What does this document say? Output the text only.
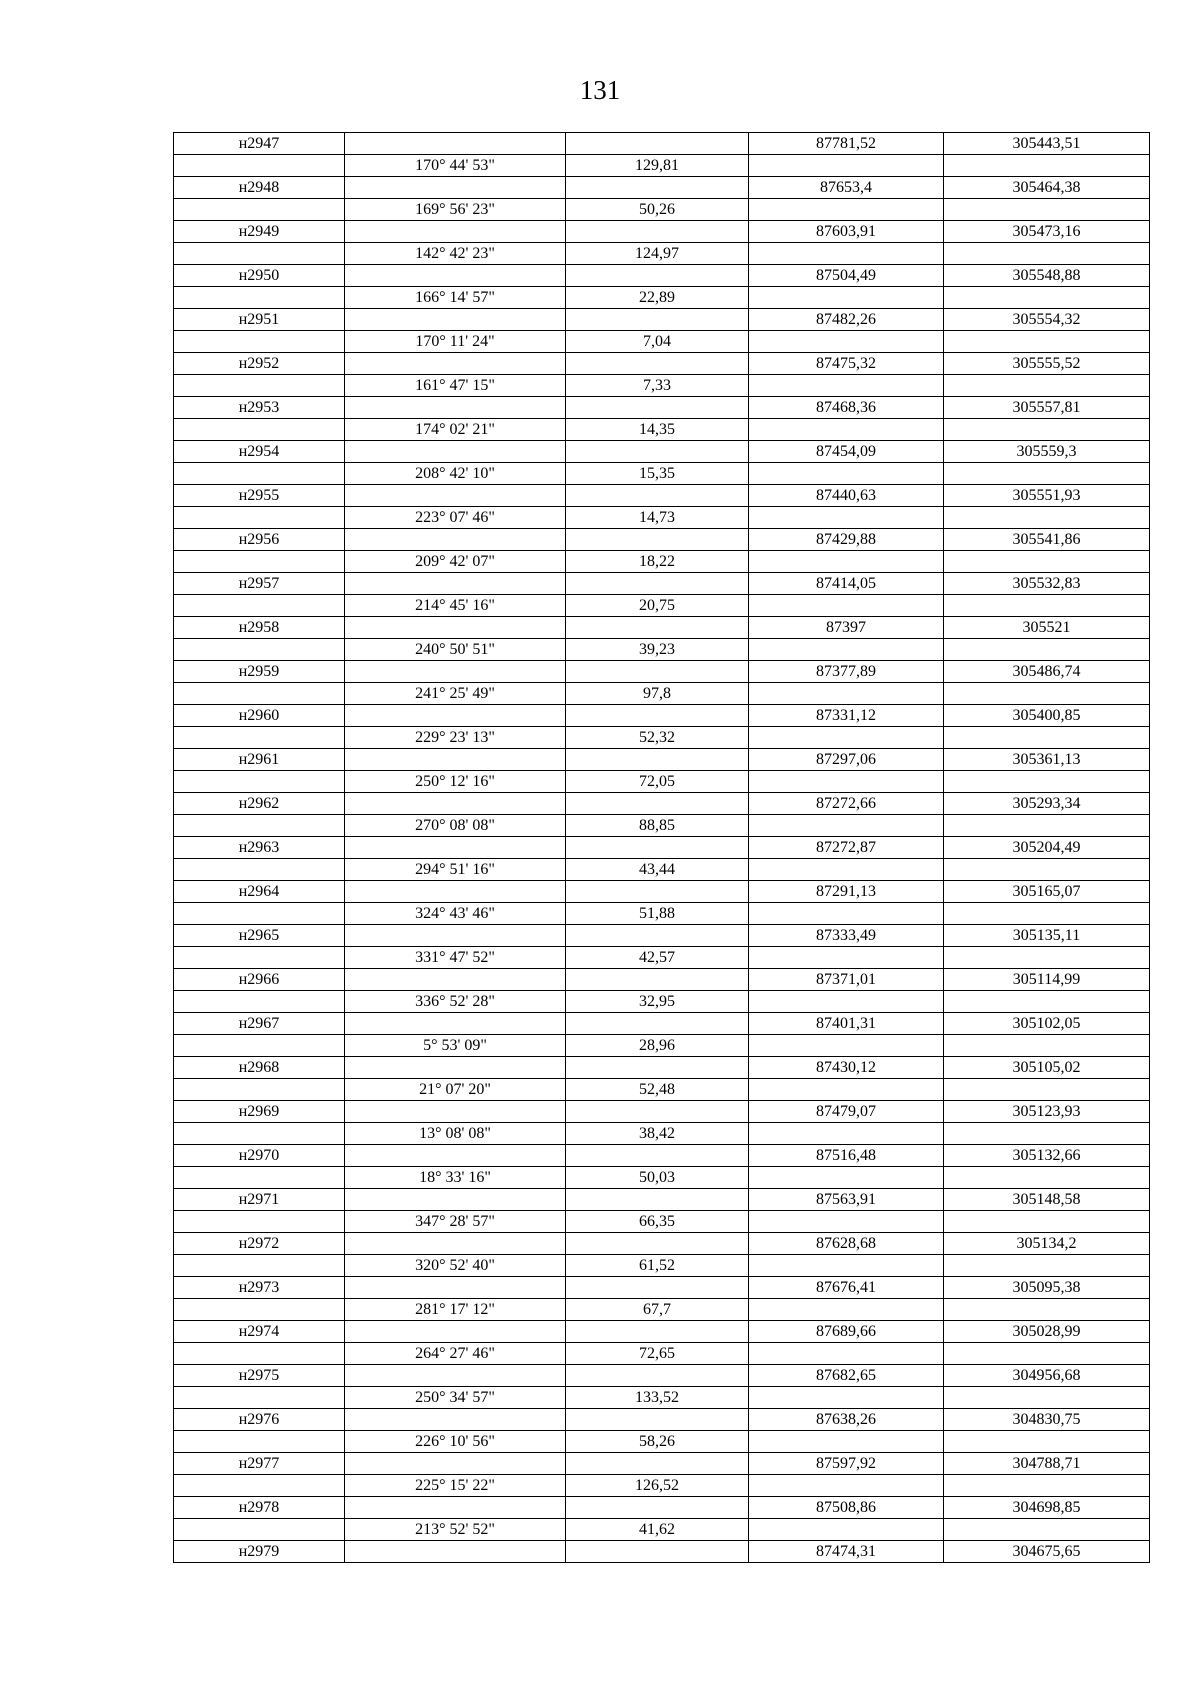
131
н2947			87781,52	305443,51
	170° 44' 53"	129,81		
н2948			87653,4	305464,38
	169° 56' 23"	50,26		
н2949			87603,91	305473,16
	142° 42' 23"	124,97		
н2950			87504,49	305548,88
	166° 14' 57"	22,89		
н2951			87482,26	305554,32
	170° 11' 24"	7,04		
н2952			87475,32	305555,52
	161° 47' 15"	7,33		
н2953			87468,36	305557,81
	174° 02' 21"	14,35		
н2954			87454,09	305559,3
	208° 42' 10"	15,35		
н2955			87440,63	305551,93
	223° 07' 46"	14,73		
н2956			87429,88	305541,86
	209° 42' 07"	18,22		
н2957			87414,05	305532,83
	214° 45' 16"	20,75		
н2958			87397	305521
	240° 50' 51"	39,23		
н2959			87377,89	305486,74
	241° 25' 49"	97,8		
н2960			87331,12	305400,85
	229° 23' 13"	52,32		
н2961			87297,06	305361,13
	250° 12' 16"	72,05		
н2962			87272,66	305293,34
	270° 08' 08"	88,85		
н2963			87272,87	305204,49
	294° 51' 16"	43,44		
н2964			87291,13	305165,07
	324° 43' 46"	51,88		
н2965			87333,49	305135,11
	331° 47' 52"	42,57		
н2966			87371,01	305114,99
	336° 52' 28"	32,95		
н2967			87401,31	305102,05
	5° 53' 09"	28,96		
н2968			87430,12	305105,02
	21° 07' 20"	52,48		
н2969			87479,07	305123,93
	13° 08' 08"	38,42		
н2970			87516,48	305132,66
	18° 33' 16"	50,03		
н2971			87563,91	305148,58
	347° 28' 57"	66,35		
н2972			87628,68	305134,2
	320° 52' 40"	61,52		
н2973			87676,41	305095,38
	281° 17' 12"	67,7		
н2974			87689,66	305028,99
	264° 27' 46"	72,65		
н2975			87682,65	304956,68
	250° 34' 57"	133,52		
н2976			87638,26	304830,75
	226° 10' 56"	58,26		
н2977			87597,92	304788,71
	225° 15' 22"	126,52		
н2978			87508,86	304698,85
	213° 52' 52"	41,62		
н2979			87474,31	304675,65
